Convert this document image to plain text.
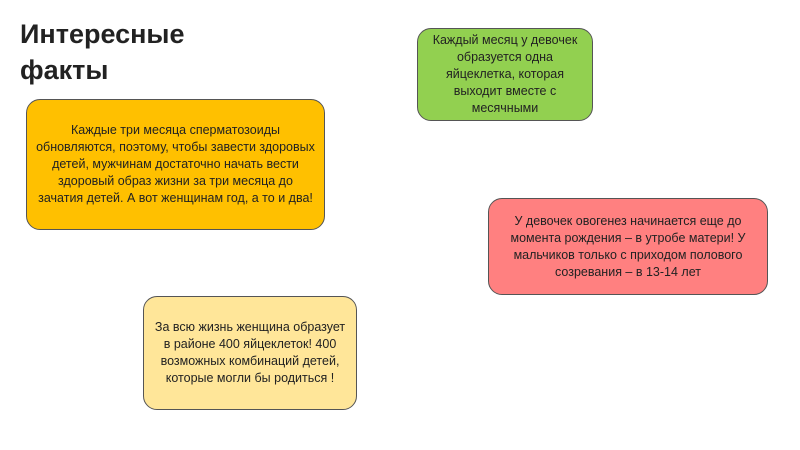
Интересные факты
Каждые три месяца сперматозоиды обновляются, поэтому, чтобы завести здоровых детей, мужчинам достаточно начать вести здоровый образ жизни за три месяца до зачатия детей. А вот женщинам год, а то и два!
Каждый месяц у девочек образуется одна яйцеклетка, которая выходит вместе с месячными
У девочек овогенез начинается еще до момента рождения – в утробе матери! У мальчиков только с приходом полового созревания – в 13-14 лет
За всю жизнь женщина образует в районе 400 яйцеклеток! 400 возможных комбинаций детей, которые могли бы родиться !
